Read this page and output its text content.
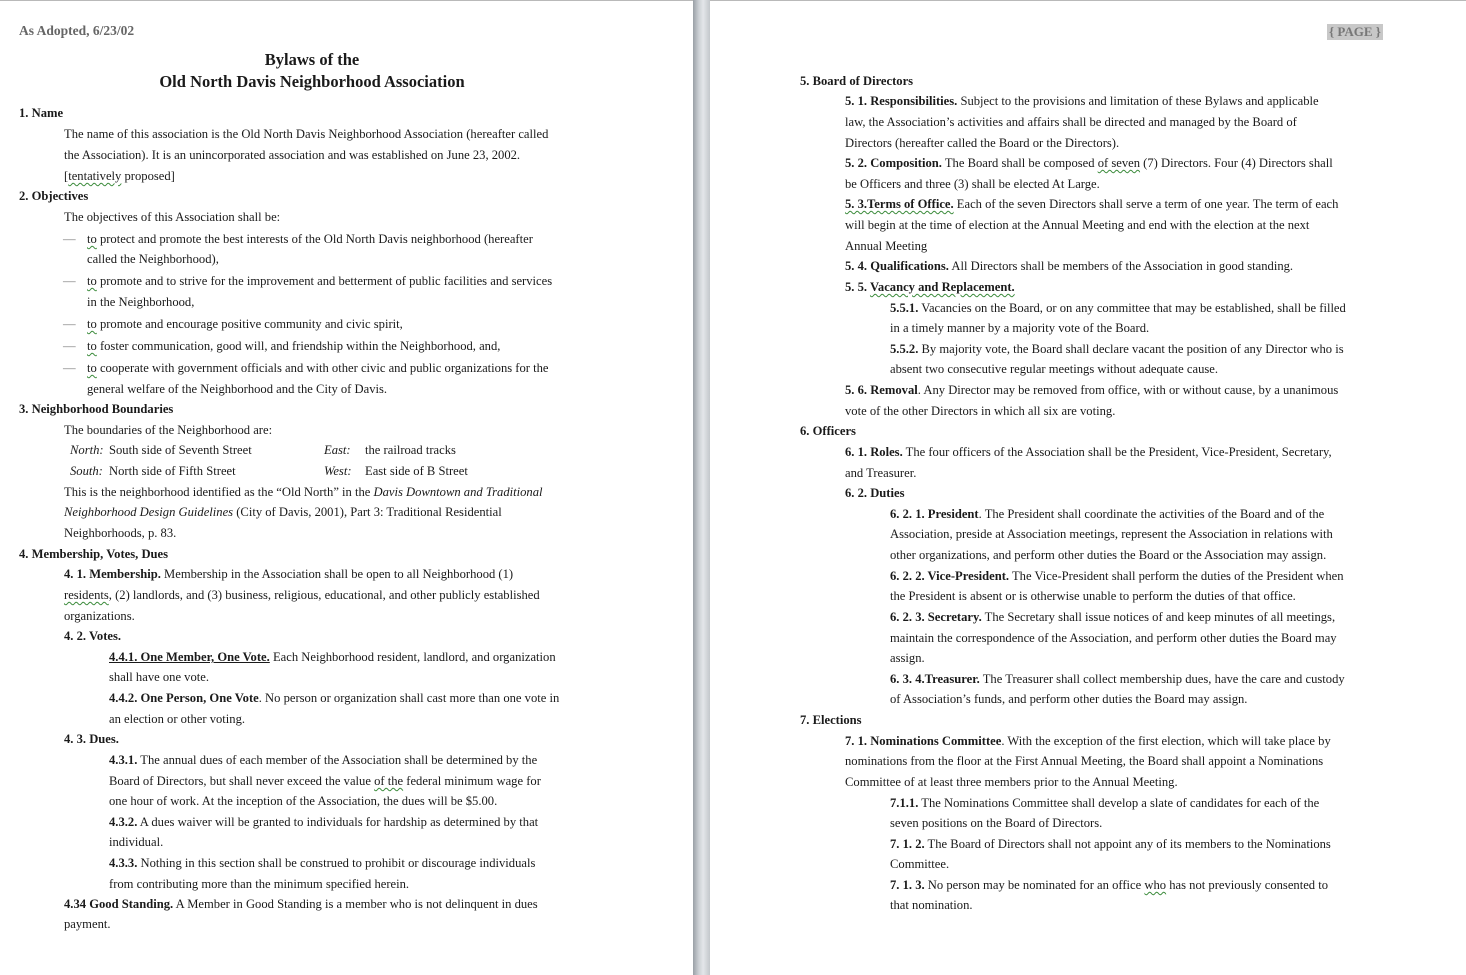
As Adopted, 6/23/02
Bylaws of the
Old North Davis Neighborhood Association
1. Name
The name of this association is the Old North Davis Neighborhood Association (hereafter called
the Association). It is an unincorporated association and was established on June 23, 2002.
[tentatively proposed]
2. Objectives
The objectives of this Association shall be:
— to protect and promote the best interests of the Old North Davis neighborhood (hereafter
called the Neighborhood),
— to promote and to strive for the improvement and betterment of public facilities and services
in the Neighborhood,
— to promote and encourage positive community and civic spirit,
— to foster communication, good will, and friendship within the Neighborhood, and,
— to cooperate with government officials and with other civic and public organizations for the
general welfare of the Neighborhood and the City of Davis.
3. Neighborhood Boundaries
The boundaries of the Neighborhood are:
North: South side of Seventh Street	East: the railroad tracks
South: North side of Fifth Street	West: East side of B Street
This is the neighborhood identified as the “Old North” in the Davis Downtown and Traditional
Neighborhood Design Guidelines (City of Davis, 2001), Part 3: Traditional Residential
Neighborhoods, p. 83.
4. Membership, Votes, Dues
4. 1. Membership. Membership in the Association shall be open to all Neighborhood (1)
residents, (2) landlords, and (3) business, religious, educational, and other publicly established
organizations.
4. 2. Votes.
4.4.1. One Member, One Vote. Each Neighborhood resident, landlord, and organization
shall have one vote.
4.4.2. One Person, One Vote. No person or organization shall cast more than one vote in
an election or other voting.
4. 3. Dues.
4.3.1. The annual dues of each member of the Association shall be determined by the
Board of Directors, but shall never exceed the value of the federal minimum wage for
one hour of work. At the inception of the Association, the dues will be $5.00.
4.3.2. A dues waiver will be granted to individuals for hardship as determined by that
individual.
4.3.3. Nothing in this section shall be construed to prohibit or discourage individuals
from contributing more than the minimum specified herein.
4.34 Good Standing. A Member in Good Standing is a member who is not delinquent in dues
payment.
{ PAGE }
5. Board of Directors
5. 1. Responsibilities. Subject to the provisions and limitation of these Bylaws and applicable
law, the Association’s activities and affairs shall be directed and managed by the Board of
Directors (hereafter called the Board or the Directors).
5. 2. Composition. The Board shall be composed of seven (7) Directors. Four (4) Directors shall
be Officers and three (3) shall be elected At Large.
5. 3.Terms of Office. Each of the seven Directors shall serve a term of one year. The term of each
will begin at the time of election at the Annual Meeting and end with the election at the next
Annual Meeting
5. 4. Qualifications. All Directors shall be members of the Association in good standing.
5. 5. Vacancy and Replacement.
5.5.1. Vacancies on the Board, or on any committee that may be established, shall be filled
in a timely manner by a majority vote of the Board.
5.5.2. By majority vote, the Board shall declare vacant the position of any Director who is
absent two consecutive regular meetings without adequate cause.
5. 6. Removal. Any Director may be removed from office, with or without cause, by a unanimous
vote of the other Directors in which all six are voting.
6. Officers
6. 1. Roles. The four officers of the Association shall be the President, Vice-President, Secretary,
and Treasurer.
6. 2. Duties
6. 2. 1. President. The President shall coordinate the activities of the Board and of the
Association, preside at Association meetings, represent the Association in relations with
other organizations, and perform other duties the Board or the Association may assign.
6. 2. 2. Vice-President. The Vice-President shall perform the duties of the President when
the President is absent or is otherwise unable to perform the duties of that office.
6. 2. 3. Secretary. The Secretary shall issue notices of and keep minutes of all meetings,
maintain the correspondence of the Association, and perform other duties the Board may
assign.
6. 3. 4.Treasurer. The Treasurer shall collect membership dues, have the care and custody
of Association’s funds, and perform other duties the Board may assign.
7. Elections
7. 1. Nominations Committee. With the exception of the first election, which will take place by
nominations from the floor at the First Annual Meeting, the Board shall appoint a Nominations
Committee of at least three members prior to the Annual Meeting.
7.1.1. The Nominations Committee shall develop a slate of candidates for each of the
seven positions on the Board of Directors.
7. 1. 2. The Board of Directors shall not appoint any of its members to the Nominations
Committee.
7. 1. 3. No person may be nominated for an office who has not previously consented to
that nomination.
